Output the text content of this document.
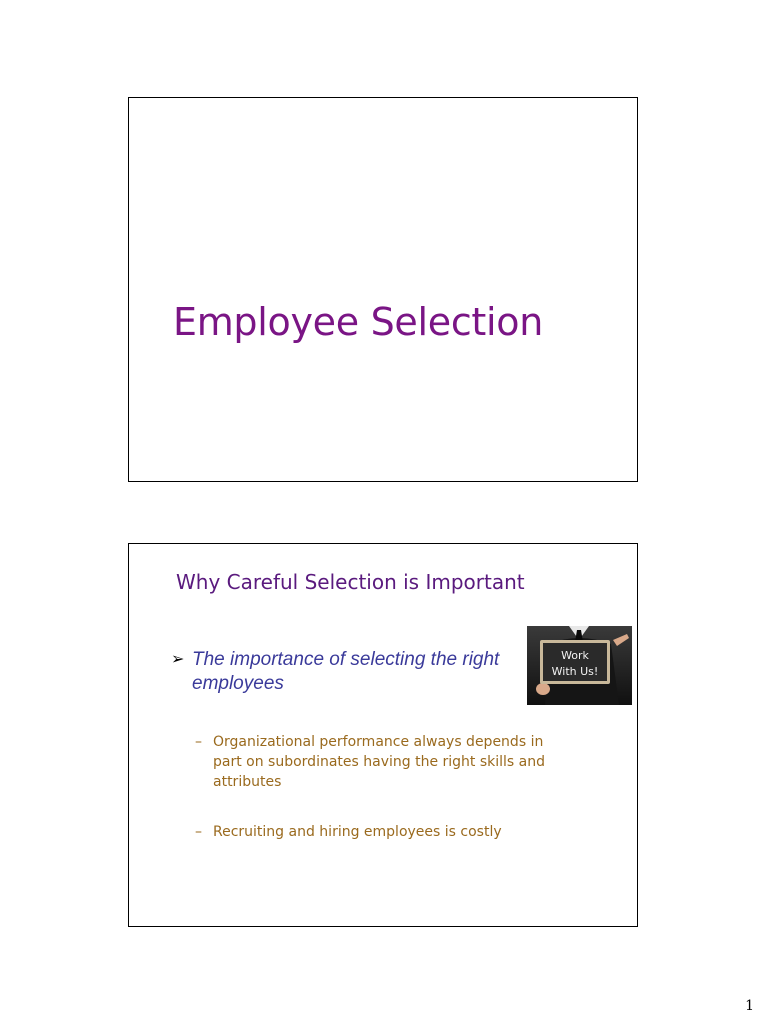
Employee Selection
Why Careful Selection is Important
➢ The importance of selecting the right employees
– Organizational performance always depends in part on subordinates having the right skills and attributes
– Recruiting and hiring employees is costly
Work
With Us!
1
